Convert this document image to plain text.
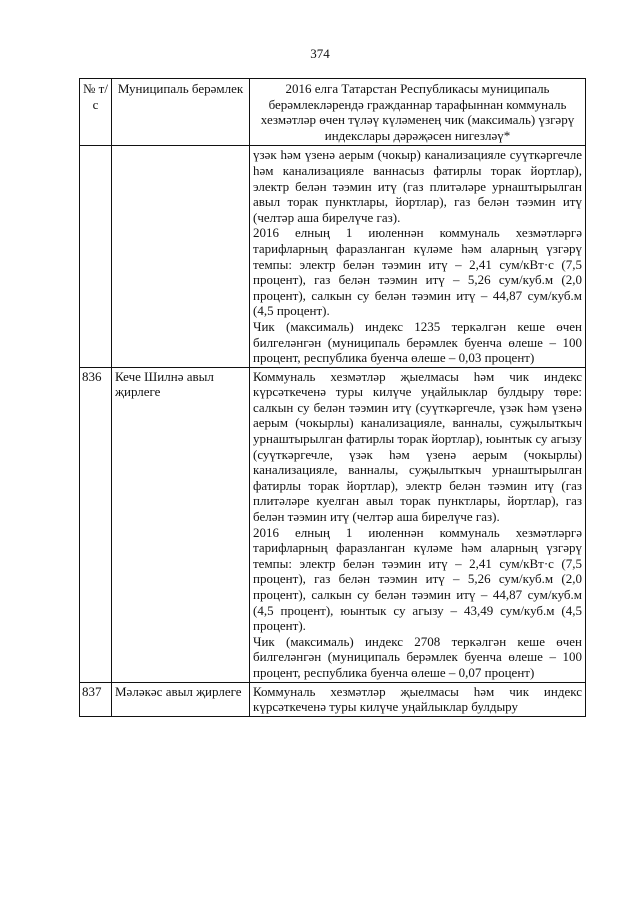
374
№ т/с	Муниципаль берәмлек	2016 елга Татарстан Республикасы муниципаль берәмлекләрендә гражданнар тарафыннан коммуналь хезмәтләр өчен түләү күләменең чик (максималь) үзгәрү индекслары дәрәҗәсен нигезләү*

		үзәк һәм үзенә аерым (чокыр) канализацияле суүткәргечле һәм канализацияле ваннасыз фатирлы торак йортлар), электр белән тәэмин итү (газ плитәләре урнаштырылган авыл торак пунктлары, йортлар), газ белән тәэмин итү (челтәр аша бирелүче газ).

2016 елның 1 июленнән коммуналь хезмәтләргә тарифларның фаразланган күләме һәм аларның үзгәрү темпы: электр белән тәэмин итү – 2,41 сум/кВт·с (7,5 процент), газ белән тәэмин итү – 5,26 сум/куб.м (2,0 процент), салкын су белән тәэмин итү – 44,87 сум/куб.м (4,5 процент).

Чик (максималь) индекс 1235 теркәлгән кеше өчен билгеләнгән (муниципаль берәмлек буенча өлеше – 100 процент, республика буенча өлеше – 0,03 процент)

836	Кече Шилнә авыл җирлеге	Коммуналь хезмәтләр җыелмасы һәм чик индекс күрсәткеченә туры килүче уңайлыклар булдыру төре: салкын су белән тәэмин итү (суүткәргечле, үзәк һәм үзенә аерым (чокырлы) канализацияле, ванналы, суҗылыткыч урнаштырылган фатирлы торак йортлар), юынтык су агызу (суүткәргечле, үзәк һәм үзенә аерым (чокырлы) канализацияле, ванналы, суҗылыткыч урнаштырылган фатирлы торак йортлар), электр белән тәэмин итү (газ плитәләре куелган авыл торак пунктлары, йортлар), газ белән тәэмин итү (челтәр аша бирелүче газ).

2016 елның 1 июленнән коммуналь хезмәтләргә тарифларның фаразланган күләме һәм аларның үзгәрү темпы: электр белән тәэмин итү – 2,41 сум/кВт·с (7,5 процент), газ белән тәэмин итү – 5,26 сум/куб.м (2,0 процент), салкын су белән тәэмин итү – 44,87 сум/куб.м (4,5 процент), юынтык су агызу – 43,49 сум/куб.м (4,5 процент).

Чик (максималь) индекс 2708 теркәлгән кеше өчен билгеләнгән (муниципаль берәмлек буенча өлеше – 100 процент, республика буенча өлеше – 0,07 процент)

837	Мәләкәс авыл җирлеге	Коммуналь хезмәтләр җыелмасы һәм чик индекс күрсәткеченә туры килүче уңайлыклар булдыру
